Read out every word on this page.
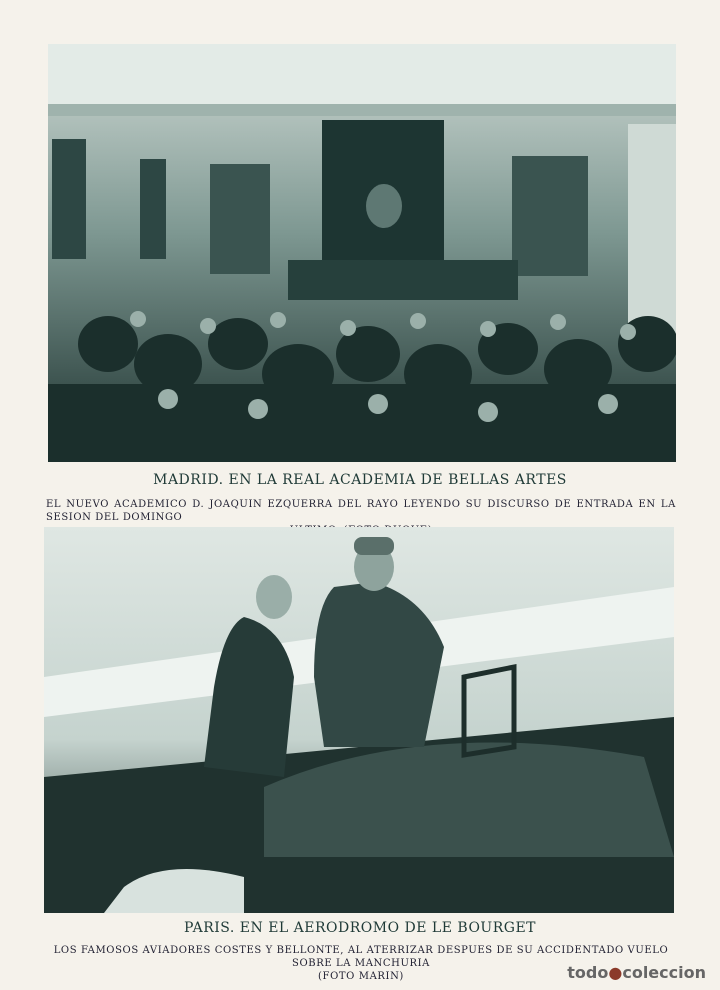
MADRID. EN LA REAL ACADEMIA DE BELLAS ARTES
EL NUEVO ACADEMICO D. JOAQUIN EZQUERRA DEL RAYO LEYENDO SU DISCURSO DE ENTRADA EN LA SESION DEL DOMINGO
PARIS. EN EL AERODROMO DE LE BOURGET
LOS FAMOSOS AVIADORES COSTES Y BELLONTE, AL ATERRIZAR DESPUES DE SU ACCIDENTADO VUELO SOBRE LA MANCHURIA
(FOTO MARIN)	todo●coleccion
